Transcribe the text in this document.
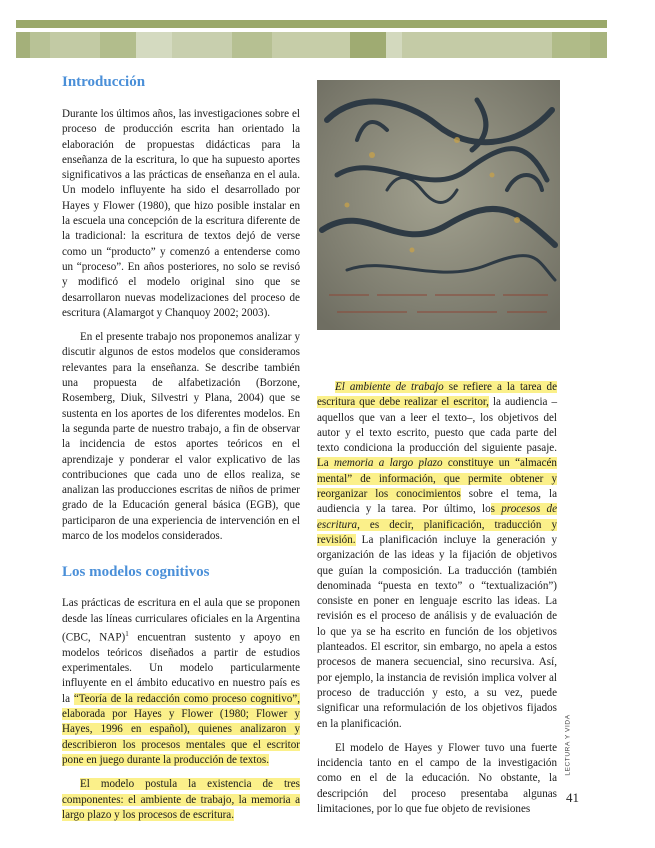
Introducción

Durante los últimos años, las investigaciones sobre el proceso de producción escrita han orientado la elaboración de propuestas didácticas para la enseñanza de la escritura, lo que ha supuesto aportes significativos a las prácticas de enseñanza en el aula. Un modelo influyente ha sido el desarrollado por Hayes y Flower (1980), que hizo posible instalar en la escuela una concepción de la escritura diferente de la tradicional: la escritura de textos dejó de verse como un “producto” y comenzó a entenderse como un “proceso”. En años posteriores, no solo se revisó y modificó el modelo original sino que se desarrollaron nuevas modelizaciones del proceso de escritura (Alamargot y Chanquoy 2002; 2003).

En el presente trabajo nos proponemos analizar y discutir algunos de estos modelos que consideramos relevantes para la enseñanza. Se describe también una propuesta de alfabetización (Borzone, Rosemberg, Diuk, Silvestri y Plana, 2004) que se sustenta en los aportes de los diferentes modelos. En la segunda parte de nuestro trabajo, a fin de observar la incidencia de estos aportes teóricos en el aprendizaje y ponderar el valor explicativo de las contribuciones que cada uno de ellos realiza, se analizan las producciones escritas de niños de primer grado de la Educación general básica (EGB), que participaron de una experiencia de intervención en el marco de los modelos considerados.

Los modelos cognitivos

Las prácticas de escritura en el aula que se proponen desde las líneas curriculares oficiales en la Argentina (CBC, NAP)$^1$ encuentran sustento y apoyo en modelos teóricos diseñados a partir de estudios experimentales. Un modelo particularmente influyente en el ámbito educativo en nuestro país es la “Teoría de la redacción como proceso cognitivo”, elaborada por Hayes y Flower (1980; Flower y Hayes, 1996 en español), quienes analizaron y describieron los procesos mentales que el escritor pone en juego durante la producción de textos.

El modelo postula la existencia de tres componentes: el ambiente de trabajo, la memoria a largo plazo y los procesos de escritura.

El ambiente de trabajo se refiere a la tarea de escritura que debe realizar el escritor, la audiencia –aquellos que van a leer el texto–, los objetivos del autor y el texto escrito, puesto que cada parte del texto condiciona la producción del siguiente pasaje. La memoria a largo plazo constituye un “almacén mental” de información, que permite obtener y reorganizar los conocimientos sobre el tema, la audiencia y la tarea. Por último, los procesos de escritura, es decir, planificación, traducción y revisión. La planificación incluye la generación y organización de las ideas y la fijación de objetivos que guían la composición. La traducción (también denominada “puesta en texto” o “textualización”) consiste en poner en lenguaje escrito las ideas. La revisión es el proceso de análisis y de evaluación de lo que ya se ha escrito en función de los objetivos planteados. El escritor, sin embargo, no apela a estos procesos de manera secuencial, sino recursiva. Así, por ejemplo, la instancia de revisión implica volver al proceso de traducción y esto, a su vez, puede significar una reformulación de los objetivos fijados en la planificación.

El modelo de Hayes y Flower tuvo una fuerte incidencia tanto en el campo de la investigación como en el de la educación. No obstante, la descripción del proceso presentaba algunas limitaciones, por lo que fue objeto de revisiones

LECTURA Y VIDA
41
